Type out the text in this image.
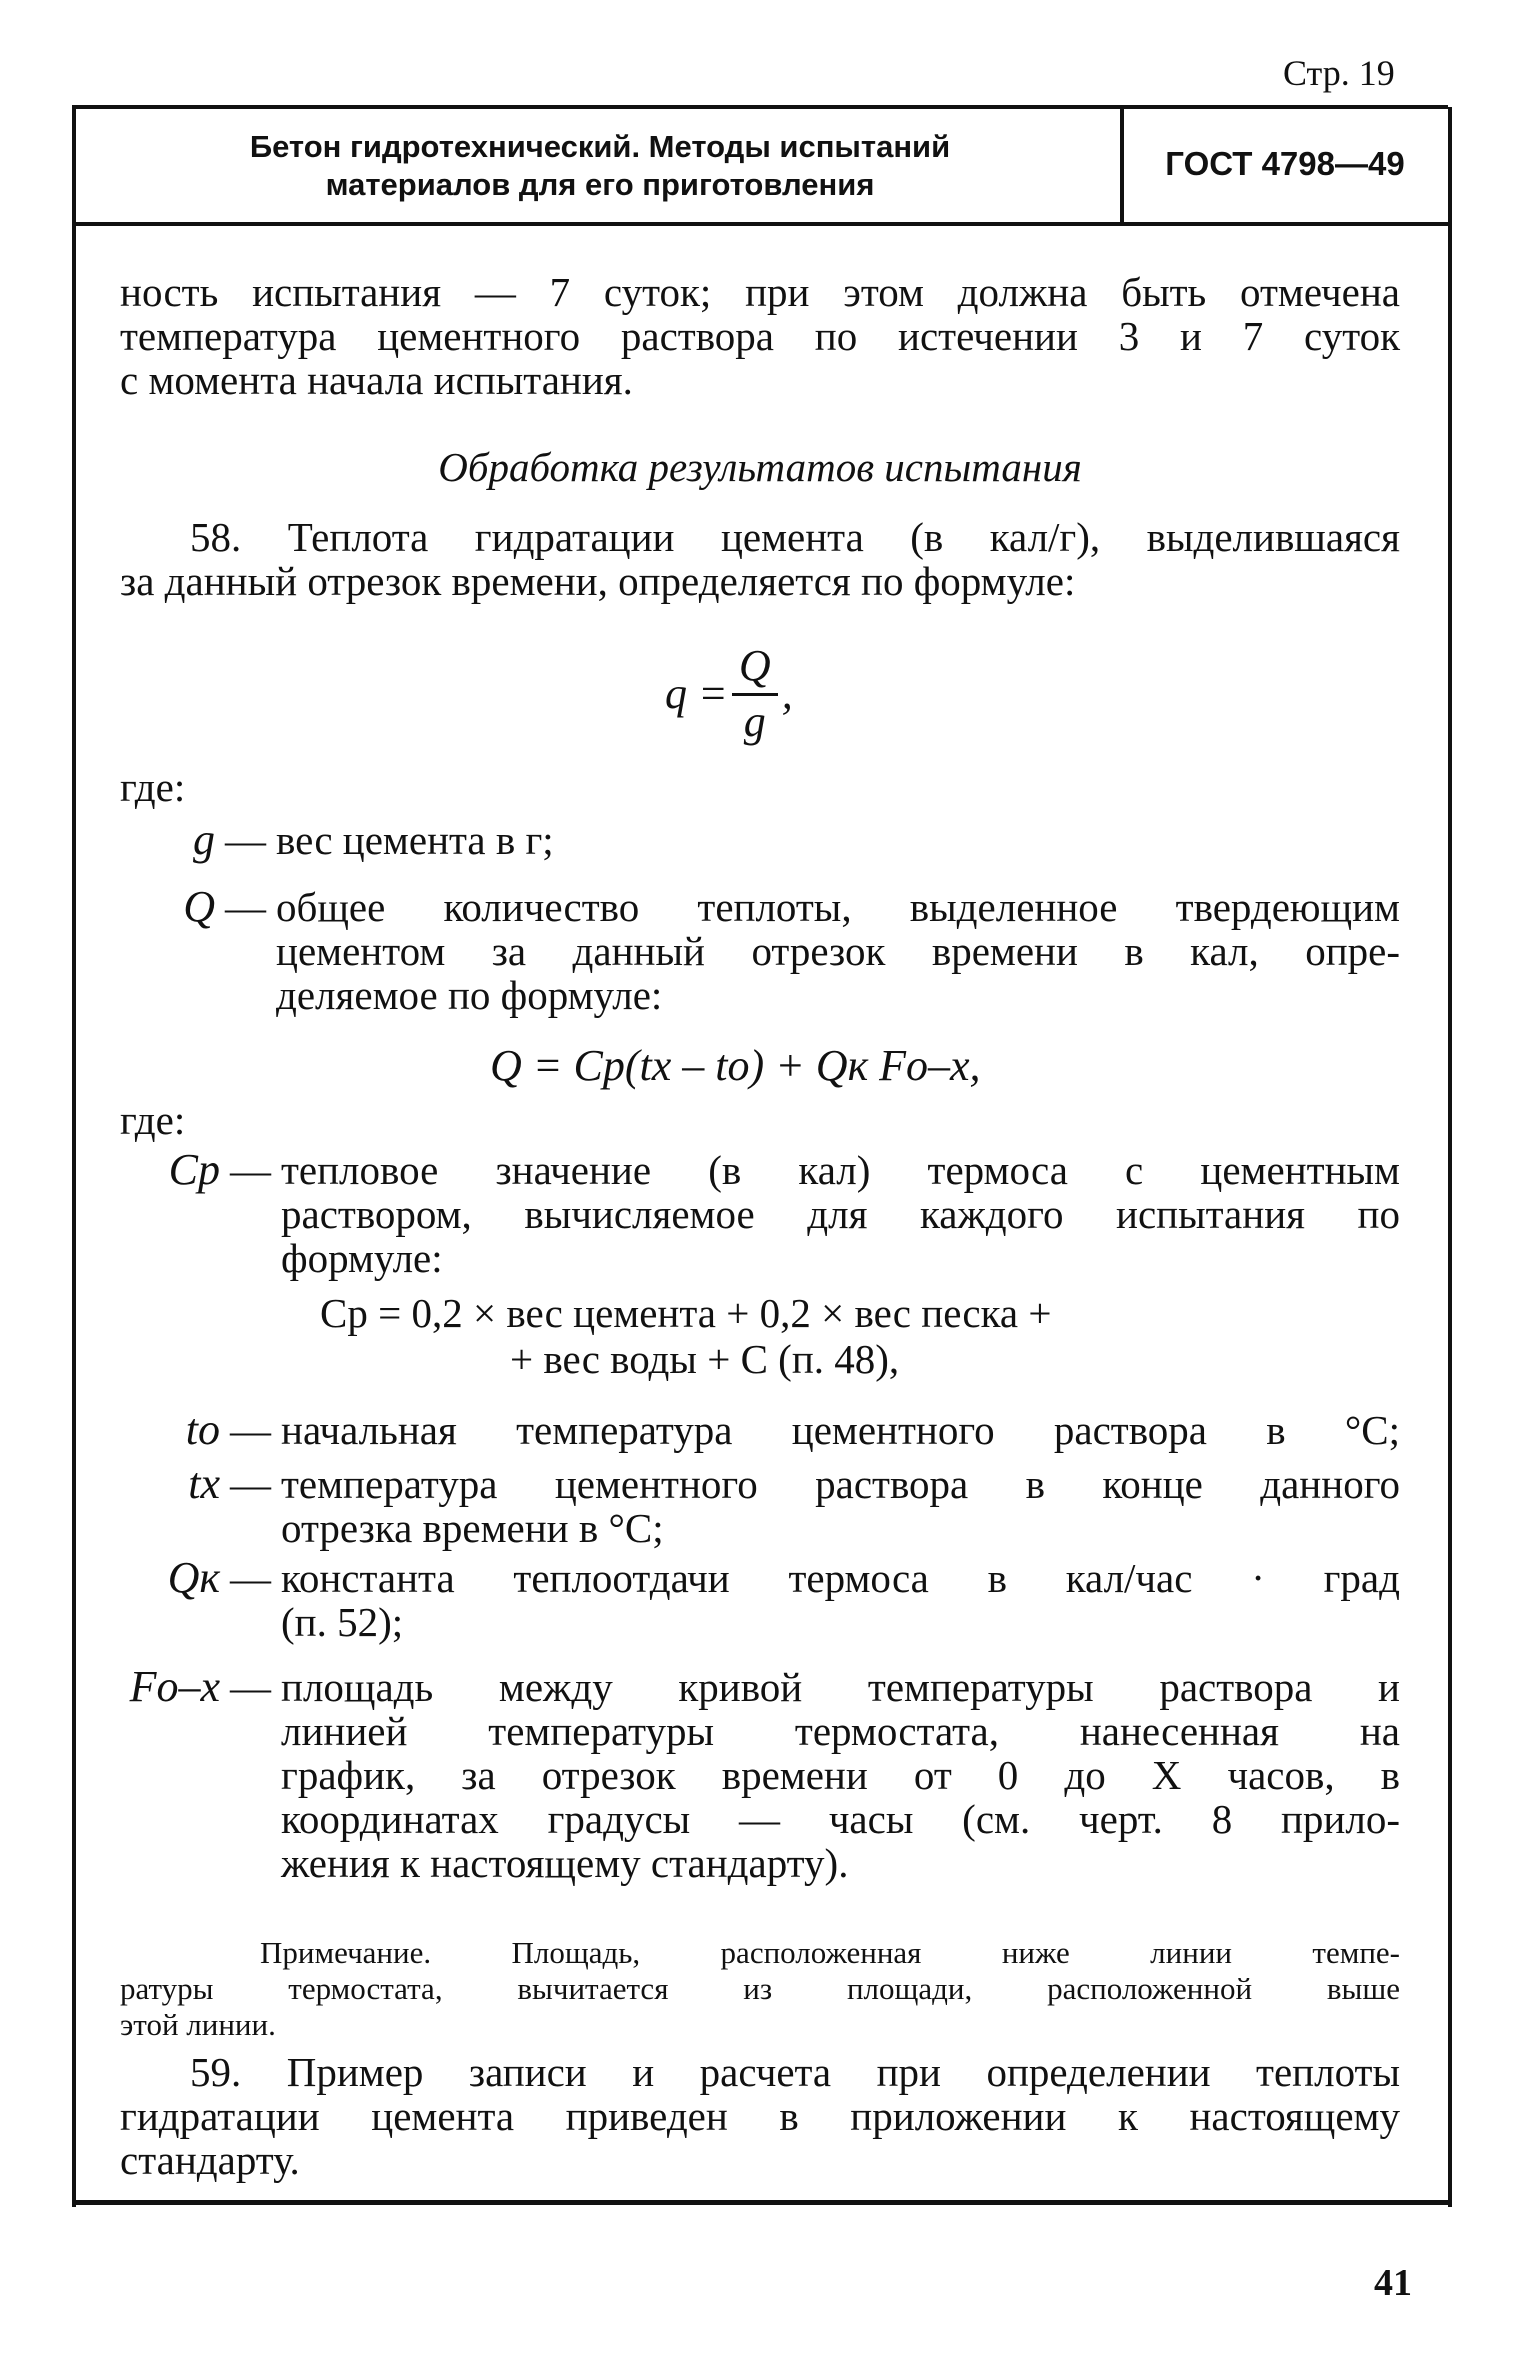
Стр. 19
Бетон гидротехнический. Методы испытаний
материалов для его приготовления
ГОСТ 4798—49
ность испытания — 7 суток; при этом должна быть отмечена
температура цементного раствора по истечении 3 и 7 суток
с момента начала испытания.
Обработка результатов испытания
58. Теплота гидратации цемента (в кал/г), выделившаяся
за данный отрезок времени, определяется по формуле:
q =
Q
g
,
где:
g — вес цемента в г;
Q — общее количество теплоты, выделенное твердеющим
цементом за данный отрезок времени в кал, опре-
деляемое по формуле:
Q = Cp(tx – to) + Qк Fo–x,
где:
Cp — тепловое значение (в кал) термоса с цементным
раствором, вычисляемое для каждого испытания по
формуле:
Cp = 0,2 × вес цемента + 0,2 × вес песка +
+ вес воды + C (п. 48),
to — начальная температура цементного раствора в °С;
tx — температура цементного раствора в конце данного
отрезка времени в °С;
Qк — константа теплоотдачи термоса в кал/час · град
(п. 52);
Fo–x — площадь между кривой температуры раствора и
линией температуры термостата, нанесенная на
график, за отрезок времени от 0 до X часов, в
координатах градусы — часы (см. черт. 8 прило-
жения к настоящему стандарту).
Примечание. Площадь, расположенная ниже линии темпе-
ратуры термостата, вычитается из площади, расположенной выше
этой линии.
59. Пример записи и расчета при определении теплоты
гидратации цемента приведен в приложении к настоящему
стандарту.
41
